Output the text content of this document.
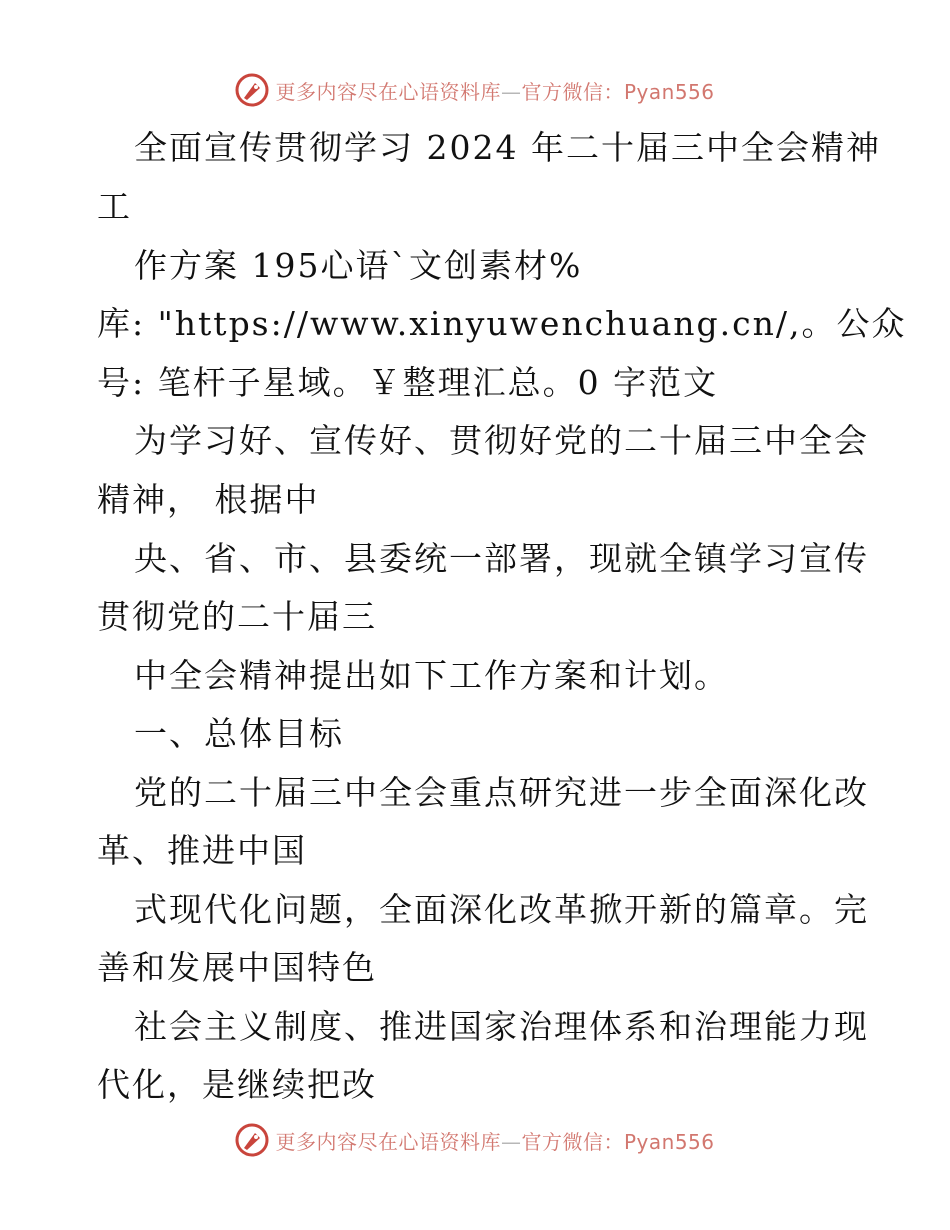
更多内容尽在心语资料库—官方微信：Pyan556
全面宣传贯彻学习 2024 年二十届三中全会精神
工
作方案 195心语`文创素材%
库: "https://www.xinyuwenchuang.cn/,。公众
号: 笔杆子星域。￥整理汇总。0 字范文
为学习好、宣传好、贯彻好党的二十届三中全会
精神， 根据中
央、省、市、县委统一部署，现就全镇学习宣传
贯彻党的二十届三
中全会精神提出如下工作方案和计划。
一、总体目标
党的二十届三中全会重点研究进一步全面深化改
革、推进中国
式现代化问题，全面深化改革掀开新的篇章。完
善和发展中国特色
社会主义制度、推进国家治理体系和治理能力现
代化，是继续把改
更多内容尽在心语资料库—官方微信：Pyan556
